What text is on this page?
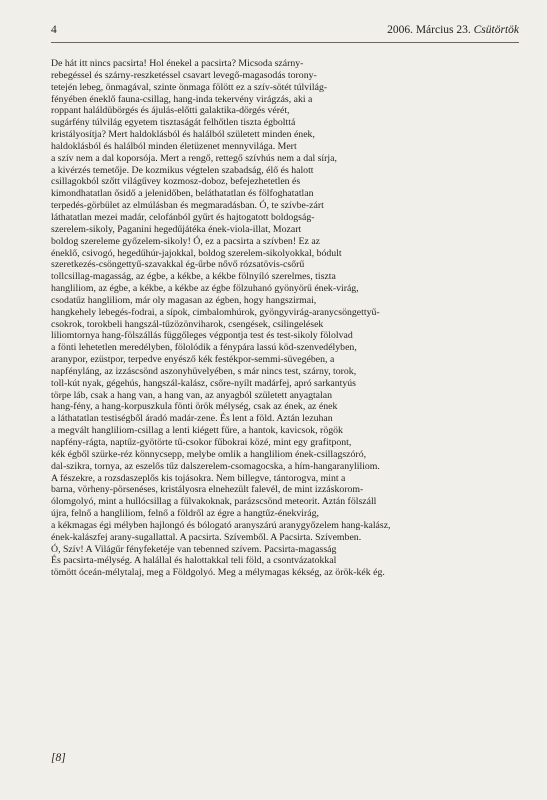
4	2006. Március 23. Csütörtök
De hát itt nincs pacsirta! Hol énekel a pacsirta? Micsoda szárny-
rebegéssel és szárny-reszketéssel csavart levegő-magasodás torony-
tetején lebeg, önmagával, szinte önmaga fölött ez a szív-sötét túlvilág-
fényében éneklő fauna-csillag, hang-inda tekervény virágzás, aki a
roppant haláldübörgés és ájulás-előtti galaktika-dörgés vérét,
sugárfény túlvilág egyetem tisztaságát felhőtlen tiszta égbolttá
kristályosítja? Mert haldoklásból és halálból született minden ének,
haldoklásból és halálból minden életüzenet mennyvilága. Mert
a szív nem a dal koporsója. Mert a rengő, rettegő szívhús nem a dal sírja,
a kivérzés temetője. De kozmikus végtelen szabadság, élő és halott
csillagokból szőtt világűvey kozmosz-doboz, befejezhetetlen és
kimondhatatlan ősidő a jelenidőben, beláthatatlan és fölfoghatatlan
terpedés-görbület az elmúlásban és megmaradásban. Ó, te szívbe-zárt
láthatatlan mezei madár, celofánból gyűrt és hajtogatott boldogság-
szerelem-sikoly, Paganini hegedűjátéka ének-viola-illat, Mozart
boldog szereleme győzelem-sikoly! Ó, ez a pacsirta a szívben! Ez az
éneklő, csivogó, hegedűhúr-jajokkal, boldog szerelem-sikolyokkal, bódult
szeretkezés-csöngettyű-szavakkal ég-űrbe nővő rózsatövis-csőrű
tollcsillag-magasság, az égbe, a kékbe, a kékbe fölnyíló szerelmes, tiszta
hangliliom, az égbe, a kékbe, a kékbe az égbe fölzuhanó gyönyörű ének-virág,
csodatűz hangliliom, már oly magasan az égben, hogy hangszirmai,
hangkehely lebegés-fodrai, a sípok, cimbalomhúrok, gyöngyvirág-aranycsöngettyű-
csokrok, torokbeli hangszál-tűzözönviharok, csengések, csilingelések
liliomtornya hang-fölszállás függőleges végpontja test és test-sikoly fölolvad
a fönti lehetetlen meredélyben, fölolódik a fénypára lassú köd-szenvedélyben,
aranypor, ezüstpor, terpedve enyésző kék festékpor-semmi-süvegében, a
napfényláng, az izzáscsönd aszonyhüvelyében, s már nincs test, szárny, torok,
toll-kút nyak, gégehús, hangszál-kalász, csőre-nyílt madárfej, apró sarkantyús
törpe láb, csak a hang van, a hang van, az anyagból született anyagtalan
hang-fény, a hang-korpuszkula fönti örök mélység, csak az ének, az ének
a láthatatlan testiségből áradó madár-zene. És lent a föld. Aztán lezuhan
a megvált hangliliom-csillag a lenti kiégett fűre, a hantok, kavicsok, rögök
napfény-rágta, naptűz-gyötörte tű-csokor fűbokrai közé, mint egy grafitpont,
kék égből szürke-réz könnycsepp, melybe omlik a hangliliom ének-csillagszóró,
dal-szikra, tornya, az eszelős tűz dalszerelem-csomagocska, a hím-hangaranyliliom.
A fészekre, a rozsdaszeplős kis tojásokra. Nem billegve, tántorogva, mint a
barna, vörheny-pörsenéses, kristályosra elnehezült falevél, de mint izzáskorom-
ólomgolyó, mint a hullócsillag a fülvakoknak, parázscsönd meteorit. Aztán fölszáll
újra, felnő a hangliliom, felnő a földről az égre a hangtűz-énekvirág,
a kékmagas égi mélyben hajlongó és bólogató aranyszárú aranygyőzelem hang-kalász,
ének-kalászfej arany-sugallattal. A pacsirta. Szívemből. A Pacsirta. Szívemben.
Ó, Szív! A Világűr fényfeketéje van tebenned szívem. Pacsirta-magasság
És pacsirta-mélység. A halállal és halottakkal teli föld, a csontvázatokkal
tömött óceán-mélytalaj, meg a Földgolyó. Meg a mélymagas kékség, az örök-kék ég.
[8]
